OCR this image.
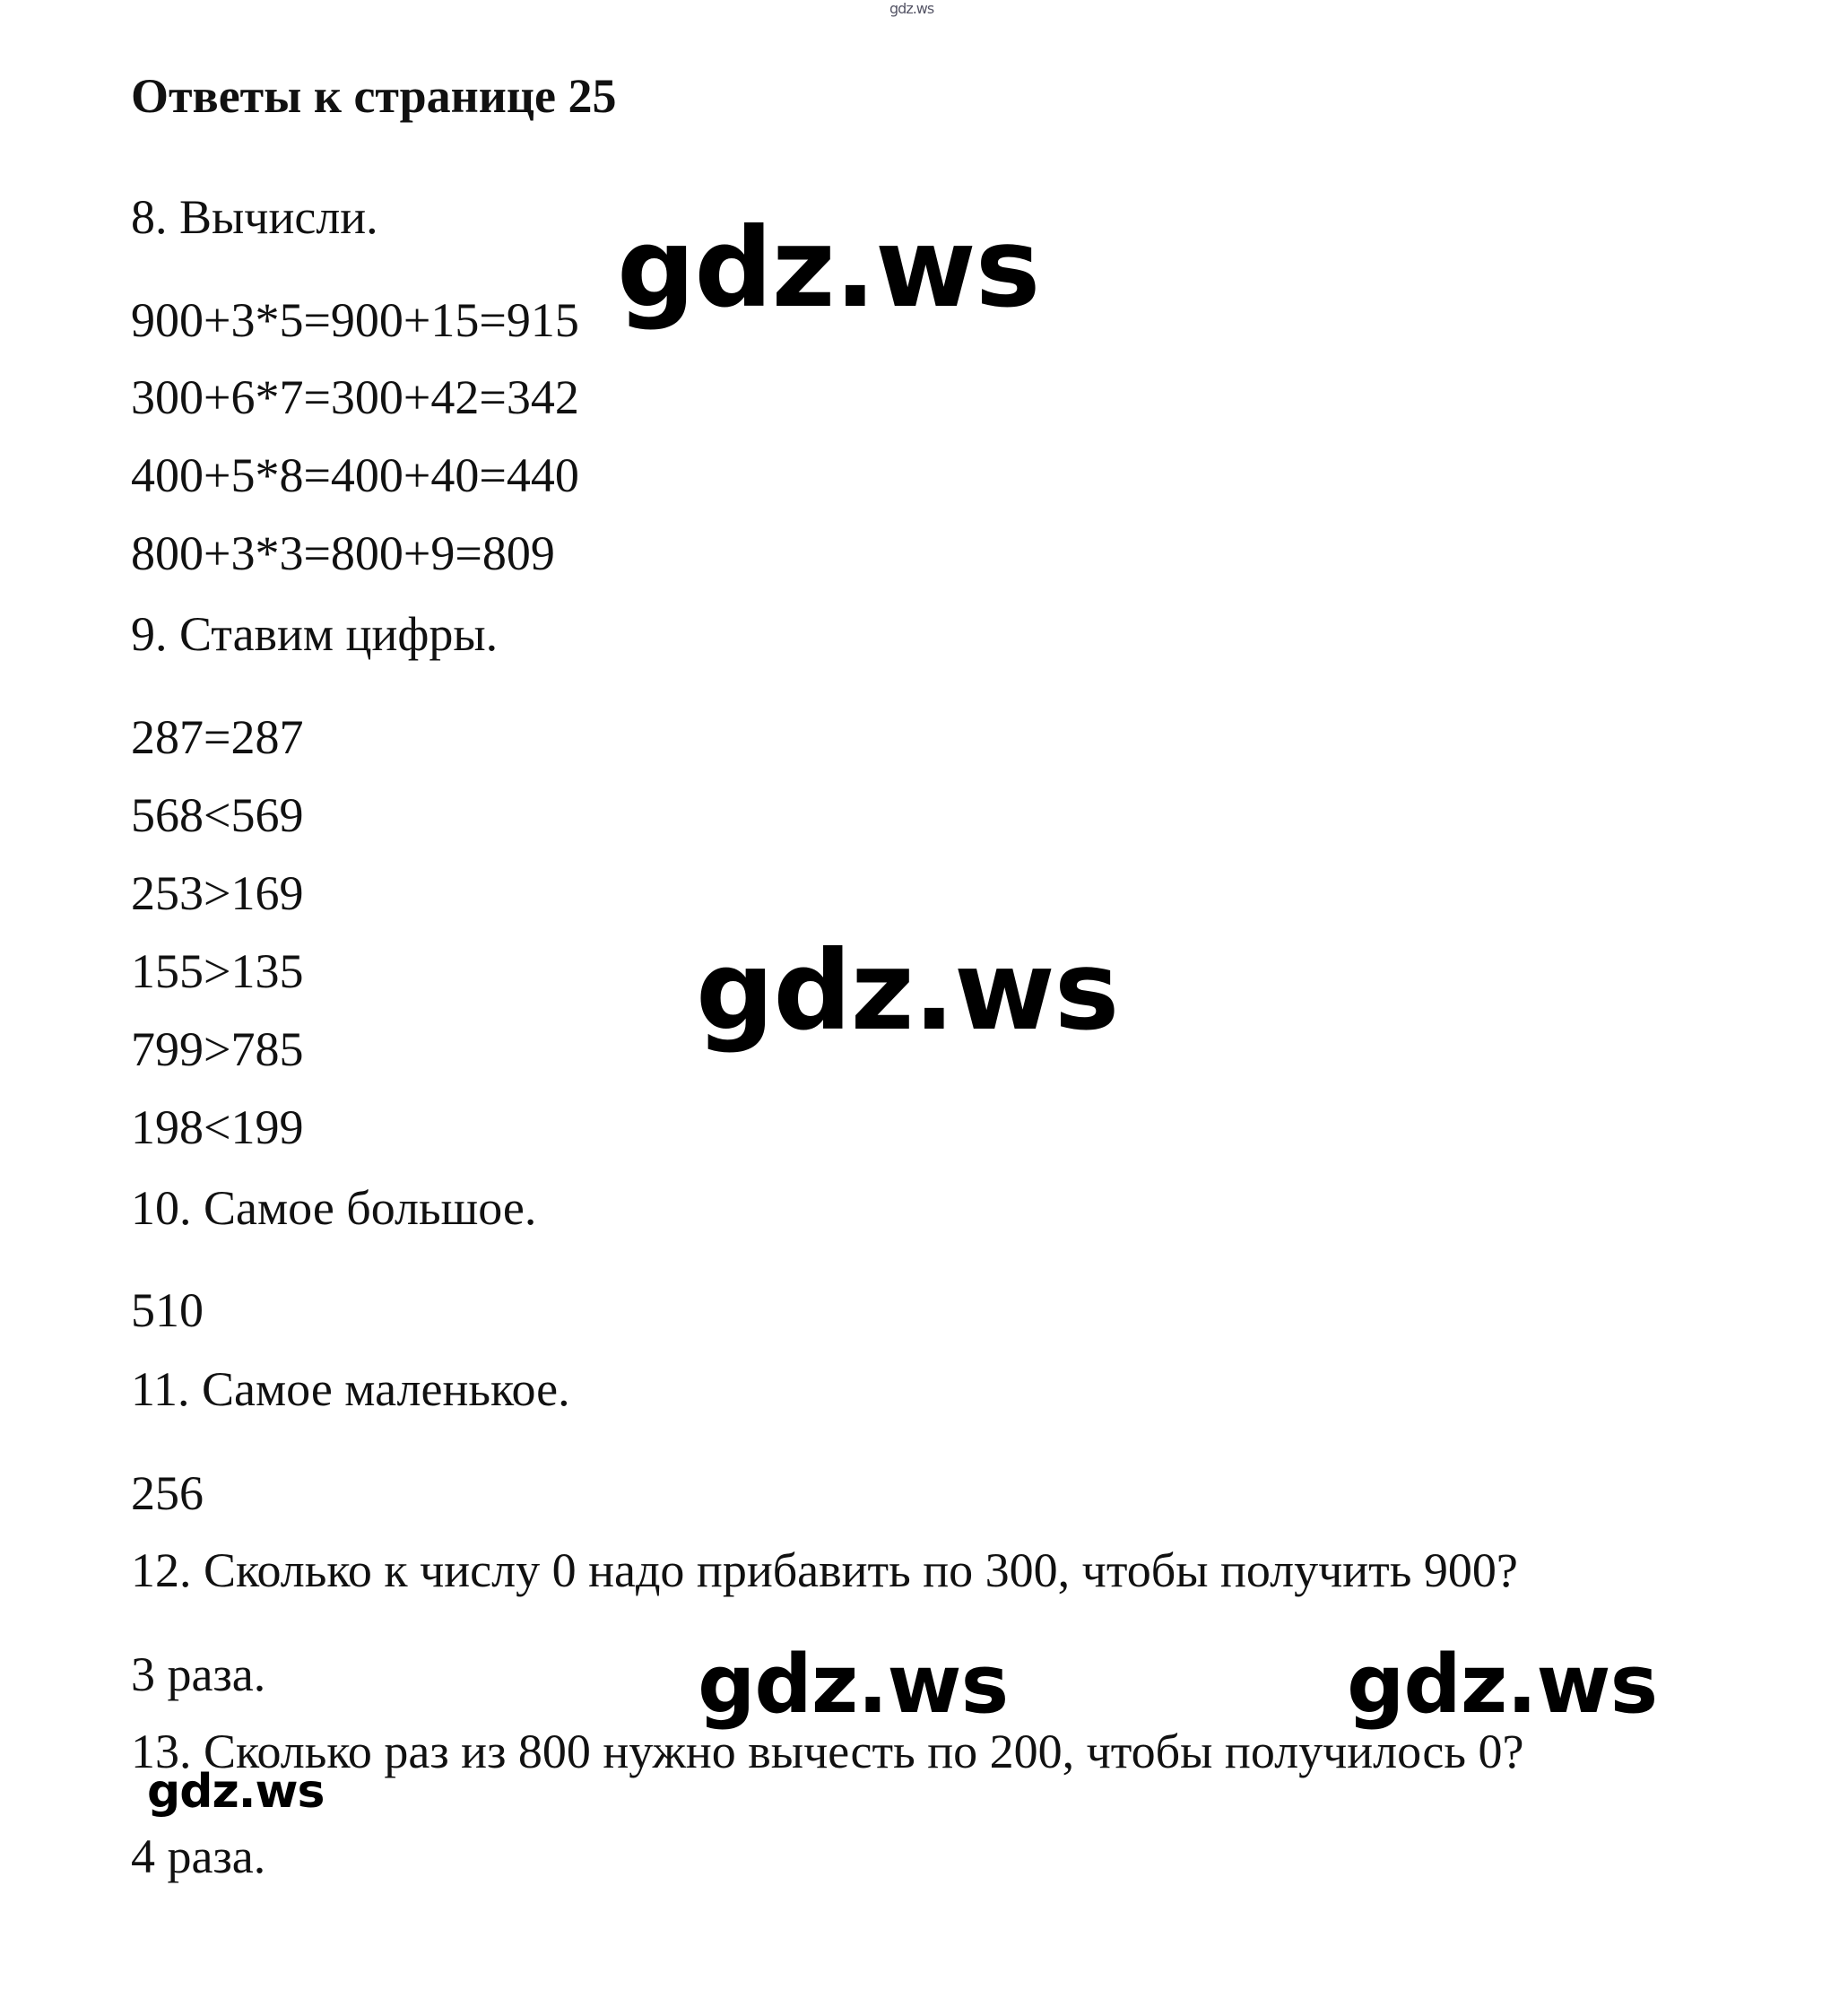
gdz.ws
Ответы к странице 25
8. Вычисли.
900+3*5=900+15=915
300+6*7=300+42=342
400+5*8=400+40=440
800+3*3=800+9=809
9. Ставим цифры.
287=287
568<569
253>169
155>135
799>785
198<199
10. Самое большое.
510
11. Самое маленькое.
256
12. Сколько к числу 0 надо прибавить по 300, чтобы получить 900?
3 раза.
13. Сколько раз из 800 нужно вычесть по 200, чтобы получилось 0?
4 раза.
gdz.ws
gdz.ws
gdz.ws	gdz.ws
gdz.ws
